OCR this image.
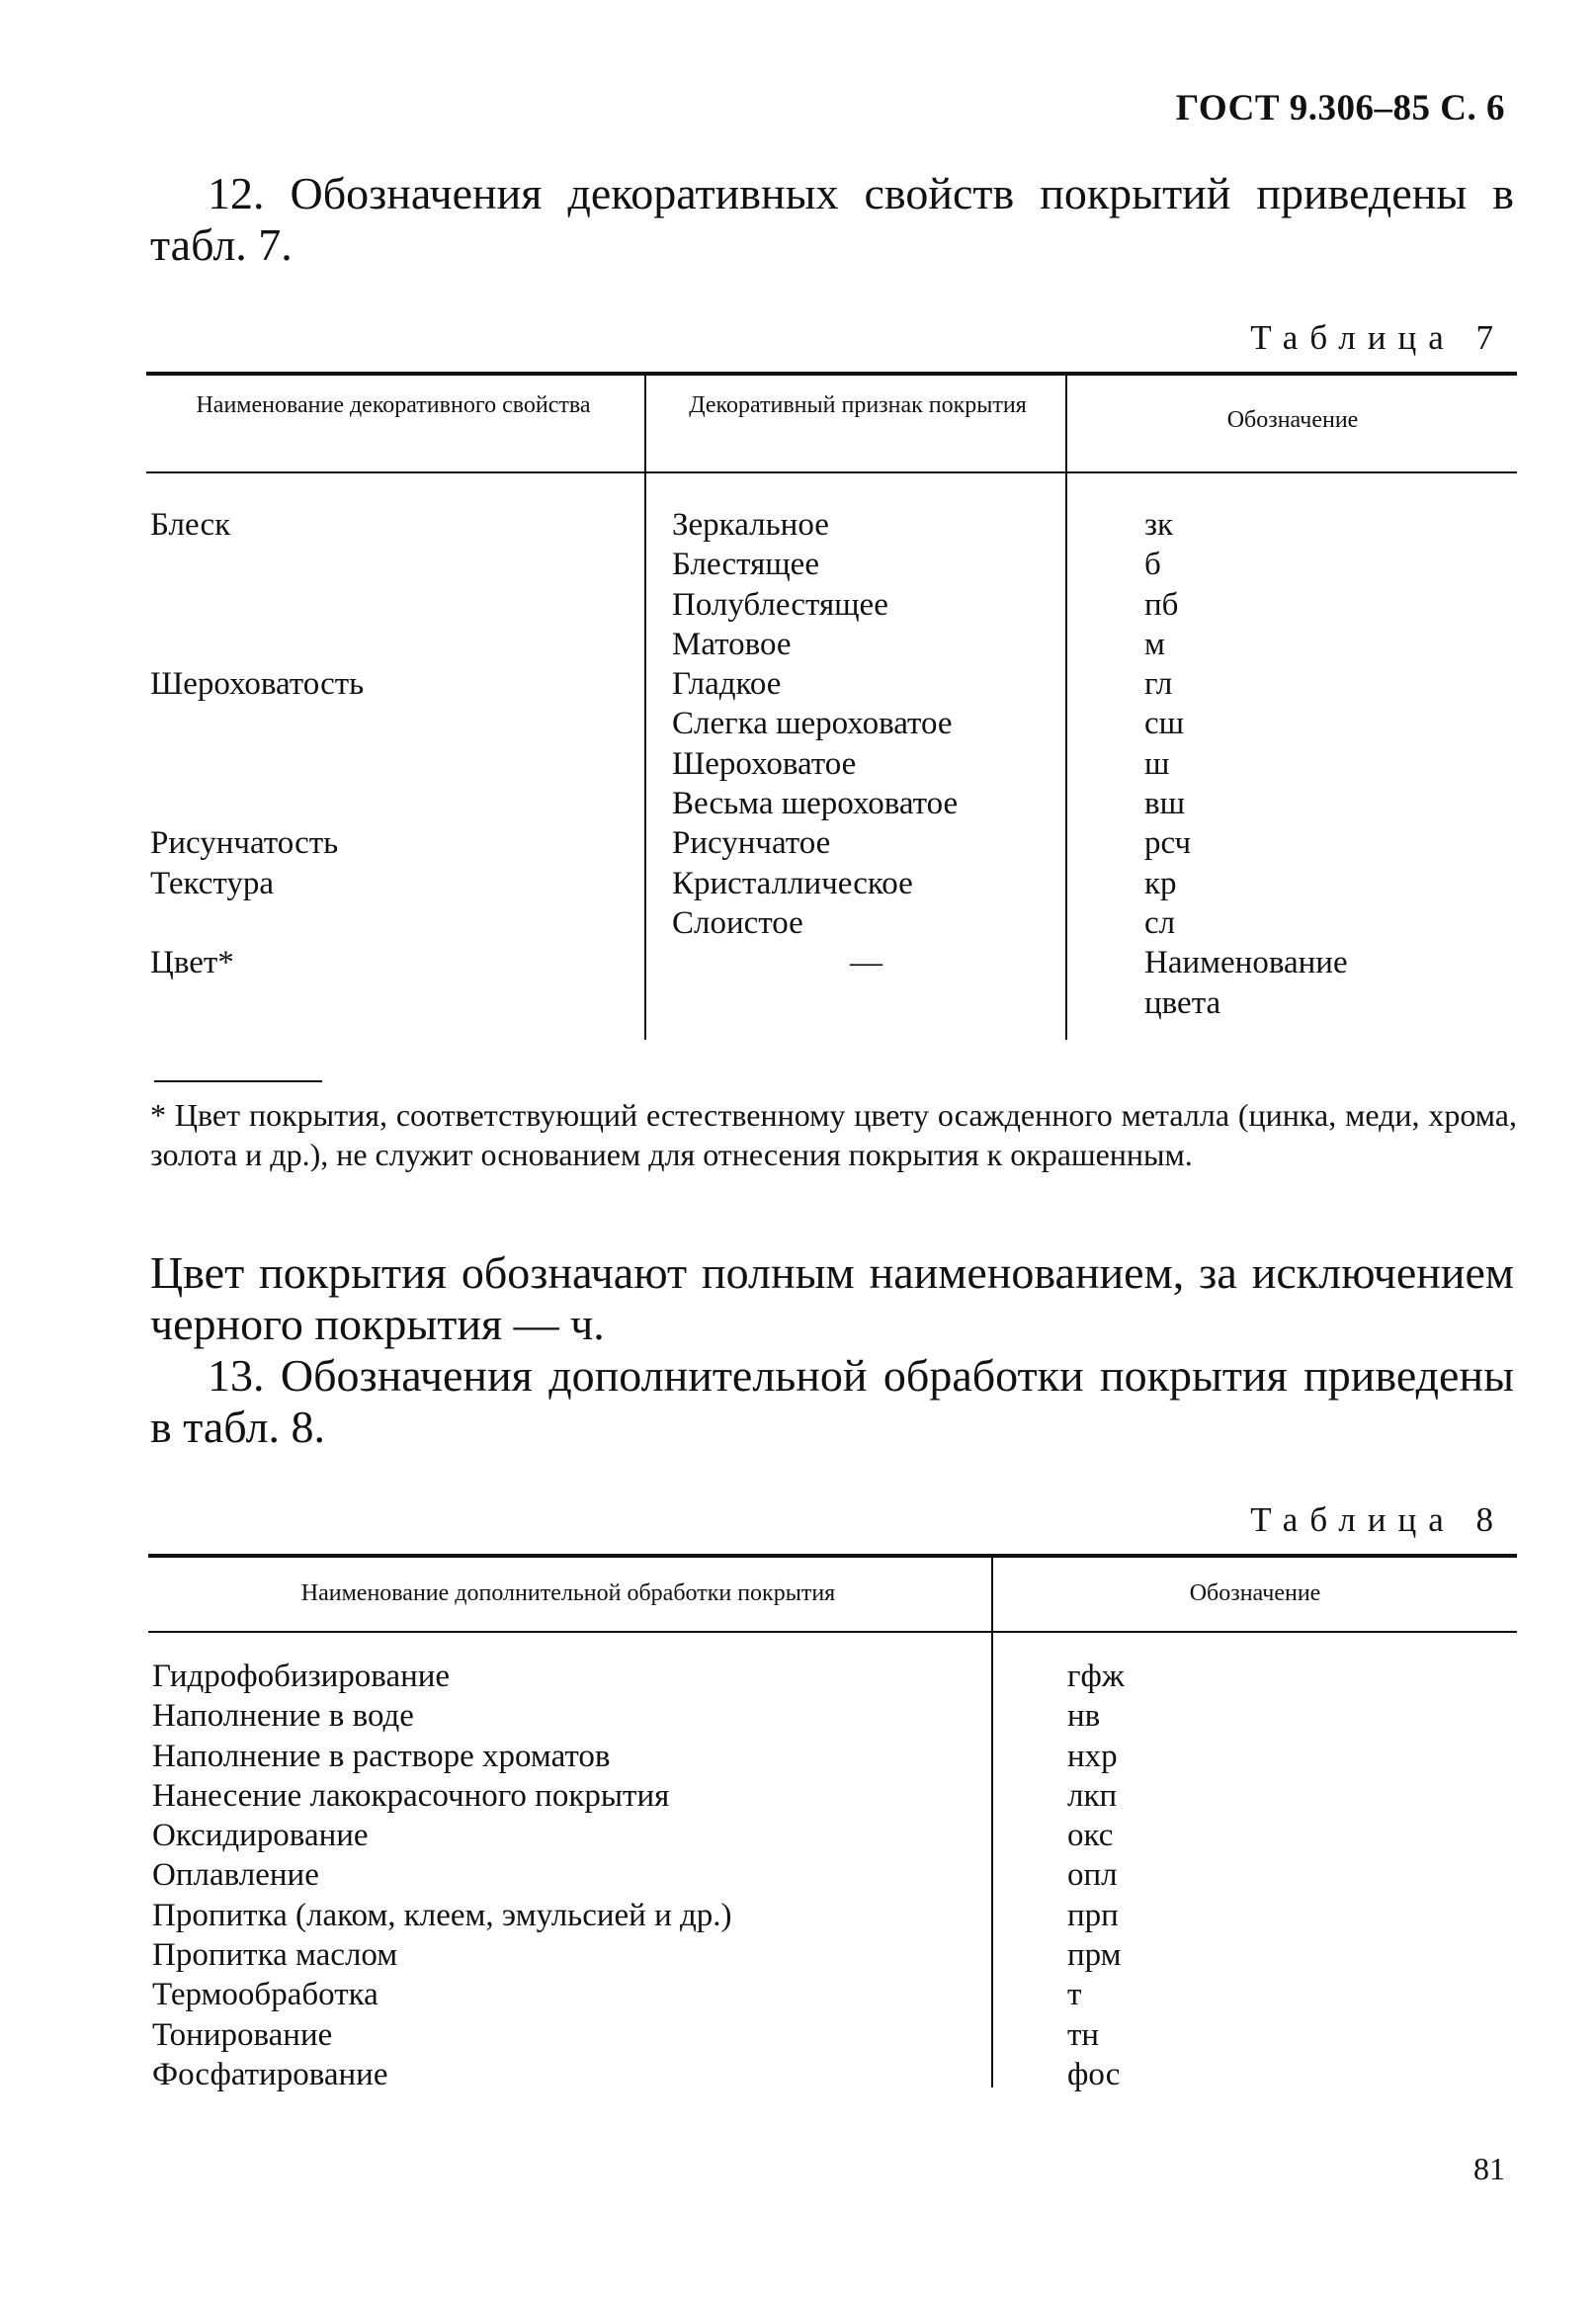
ГОСТ 9.306–85 С. 6
12. Обозначения декоративных свойств покрытий приведены в табл. 7.
Таблица 7
Наименование декоративного свойства	Декоративный признак покрытия
Обозначение
Блеск
Шероховатость
Рисунчатость
Текстура
Цвет*
Зеркальное
Блестящее
Полублестящее
Матовое
Гладкое
Слегка шероховатое
Шероховатое
Весьма шероховатое
Рисунчатое
Кристаллическое
Слоистое
—
зк
б
пб
м
гл
сш
ш
вш
рсч
кр
сл
Наименование
цвета
* Цвет покрытия, соответствующий естественному цвету осажденного металла (цинка, меди, хрома, золота и др.), не служит основанием для отнесения покрытия к окрашенным.
Цвет покрытия обозначают полным наименованием, за исключением черного покрытия — ч.
13. Обозначения дополнительной обработки покрытия приведены в табл. 8.
Таблица 8
Наименование дополнительной обработки покрытия	Обозначение
Гидрофобизирование
Наполнение в воде
Наполнение в растворе хроматов
Нанесение лакокрасочного покрытия
Оксидирование
Оплавление
Пропитка (лаком, клеем, эмульсией и др.)
Пропитка маслом
Термообработка
Тонирование
Фосфатирование
гфж
нв
нхр
лкп
окс
опл
прп
прм
т
тн
фос
81
